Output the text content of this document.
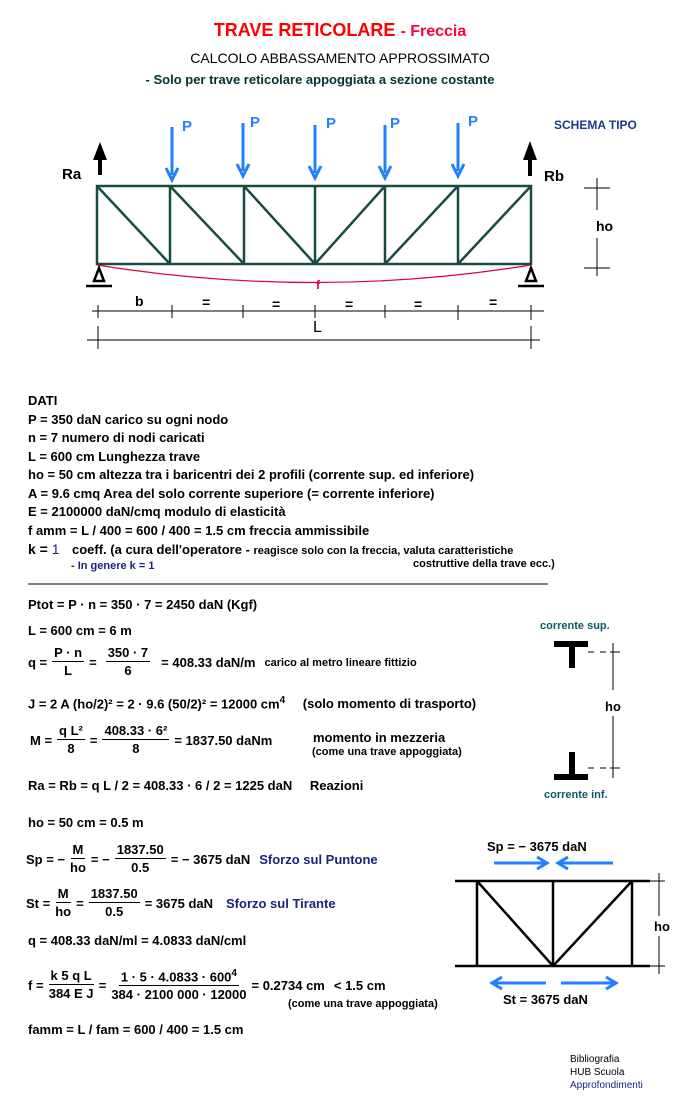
TRAVE RETICOLARE - Freccia
CALCOLO ABBASSAMENTO APPROSSIMATO
- Solo per trave reticolare appoggiata a sezione costante
SCHEMA TIPO
P	P	P	P	P
Ra	Rb
ho
f
b	=	=	=	=	=
L
DATI
P = 350 daN carico su ogni nodo
n = 7 numero di nodi caricati
L = 600 cm Lunghezza trave
ho = 50 cm altezza tra i baricentri dei 2 profili (corrente sup. ed inferiore)
A = 9.6 cmq Area del solo corrente superiore (= corrente inferiore)
E = 2100000 daN/cmq modulo di elasticità
f amm = L / 400 = 600 / 400 = 1.5 cm freccia ammissibile
k = 1 coeff. (a cura dell'operatore - reagisce solo con la freccia, valuta caratteristiche
- In genere k = 1	costruttive della trave ecc.)
Ptot = P · n = 350 · 7 = 2450 daN (Kgf)
L = 600 cm = 6 m
$q = \frac{P \cdot n}{L} = \frac{350 \cdot 7}{6} = 408.33$ daN/m carico al metro lineare fittizio
J = 2 A (ho/2)² = 2 · 9.6 (50/2)² = 12000 $cm^4$ (solo momento di trasporto)
$M = \frac{\text{q L²}}{8} = \frac{\text{408.33 · 6²}}{8} = 1837.50$ daNm	momento in mezzeria
(come una trave appoggiata)
Ra = Rb = q L / 2 = 408.33 · 6 / 2 = 1225 daN Reazioni
ho = 50 cm = 0.5 m
Sp = − $\frac{M}{ho}$ = − $\frac{1837.50}{0.5}$ = − 3675 daN Sforzo sul Puntone
$St = \frac{M}{ho} = \frac{1837.50}{0.5} = 3675$ daN Sforzo sul Tirante
q = 408.33 daN/ml = 4.0833 daN/cml
$f = \frac{\text{k 5 q L}}{\text{384 E J}} = \frac{1 \cdot 5 \cdot 4.0833 \cdot 600^4}{384 \cdot 2100 000 \cdot 12000} = 0.2734$ cm < 1.5 cm
(come una trave appoggiata)
famm = L / fam = 600 / 400 = 1.5 cm
corrente sup.
corrente inf.
ho
Sp = − 3675 daN
St = 3675 daN
ho
Bibliografia
HUB Scuola
Approfondimenti
